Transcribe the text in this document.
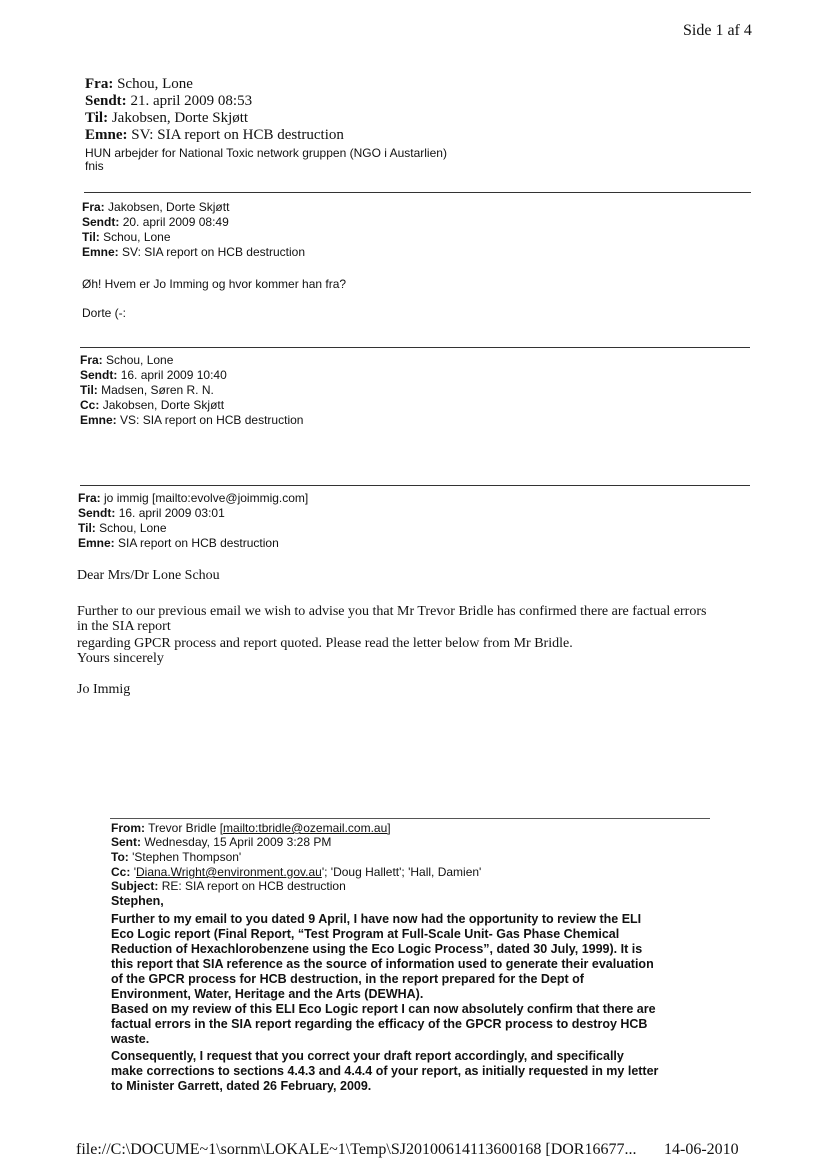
Side 1 af 4
Fra: Schou, Lone
Sendt: 21. april 2009 08:53
Til: Jakobsen, Dorte Skjøtt
Emne: SV: SIA report on HCB destruction
HUN arbejder for National Toxic network gruppen (NGO i Austarlien)
fnis
Fra: Jakobsen, Dorte Skjøtt
Sendt: 20. april 2009 08:49
Til: Schou, Lone
Emne: SV: SIA report on HCB destruction
Øh! Hvem er Jo Imming og hvor kommer han fra?
Dorte (-:
Fra: Schou, Lone
Sendt: 16. april 2009 10:40
Til: Madsen, Søren R. N.
Cc: Jakobsen, Dorte Skjøtt
Emne: VS: SIA report on HCB destruction
Fra: jo immig [mailto:evolve@joimmig.com]
Sendt: 16. april 2009 03:01
Til: Schou, Lone
Emne: SIA report on HCB destruction
Dear Mrs/Dr Lone Schou
Further to our previous email we wish to advise you that Mr Trevor Bridle has confirmed there are factual errors
in the SIA report
regarding GPCR process and report quoted. Please read the letter below from Mr Bridle.
Yours sincerely
Jo Immig
From: Trevor Bridle [mailto:tbridle@ozemail.com.au]
Sent: Wednesday, 15 April 2009 3:28 PM
To: 'Stephen Thompson'
Cc: 'Diana.Wright@environment.gov.au'; 'Doug Hallett'; 'Hall, Damien'
Subject: RE: SIA report on HCB destruction
Stephen,
Further to my email to you dated 9 April, I have now had the opportunity to review the ELI
Eco Logic report (Final Report, “Test Program at Full-Scale Unit- Gas Phase Chemical
Reduction of Hexachlorobenzene using the Eco Logic Process”, dated 30 July, 1999). It is
this report that SIA reference as the source of information used to generate their evaluation
of the GPCR process for HCB destruction, in the report prepared for the Dept of
Environment, Water, Heritage and the Arts (DEWHA).
Based on my review of this ELI Eco Logic report I can now absolutely confirm that there are
factual errors in the SIA report regarding the efficacy of the GPCR process to destroy HCB
waste.
Consequently, I request that you correct your draft report accordingly, and specifically
make corrections to sections 4.4.3 and 4.4.4 of your report, as initially requested in my letter
to Minister Garrett, dated 26 February, 2009.
file://C:\DOCUME~1\sornm\LOKALE~1\Temp\SJ20100614113600168 [DOR16677... 14-06-2010
